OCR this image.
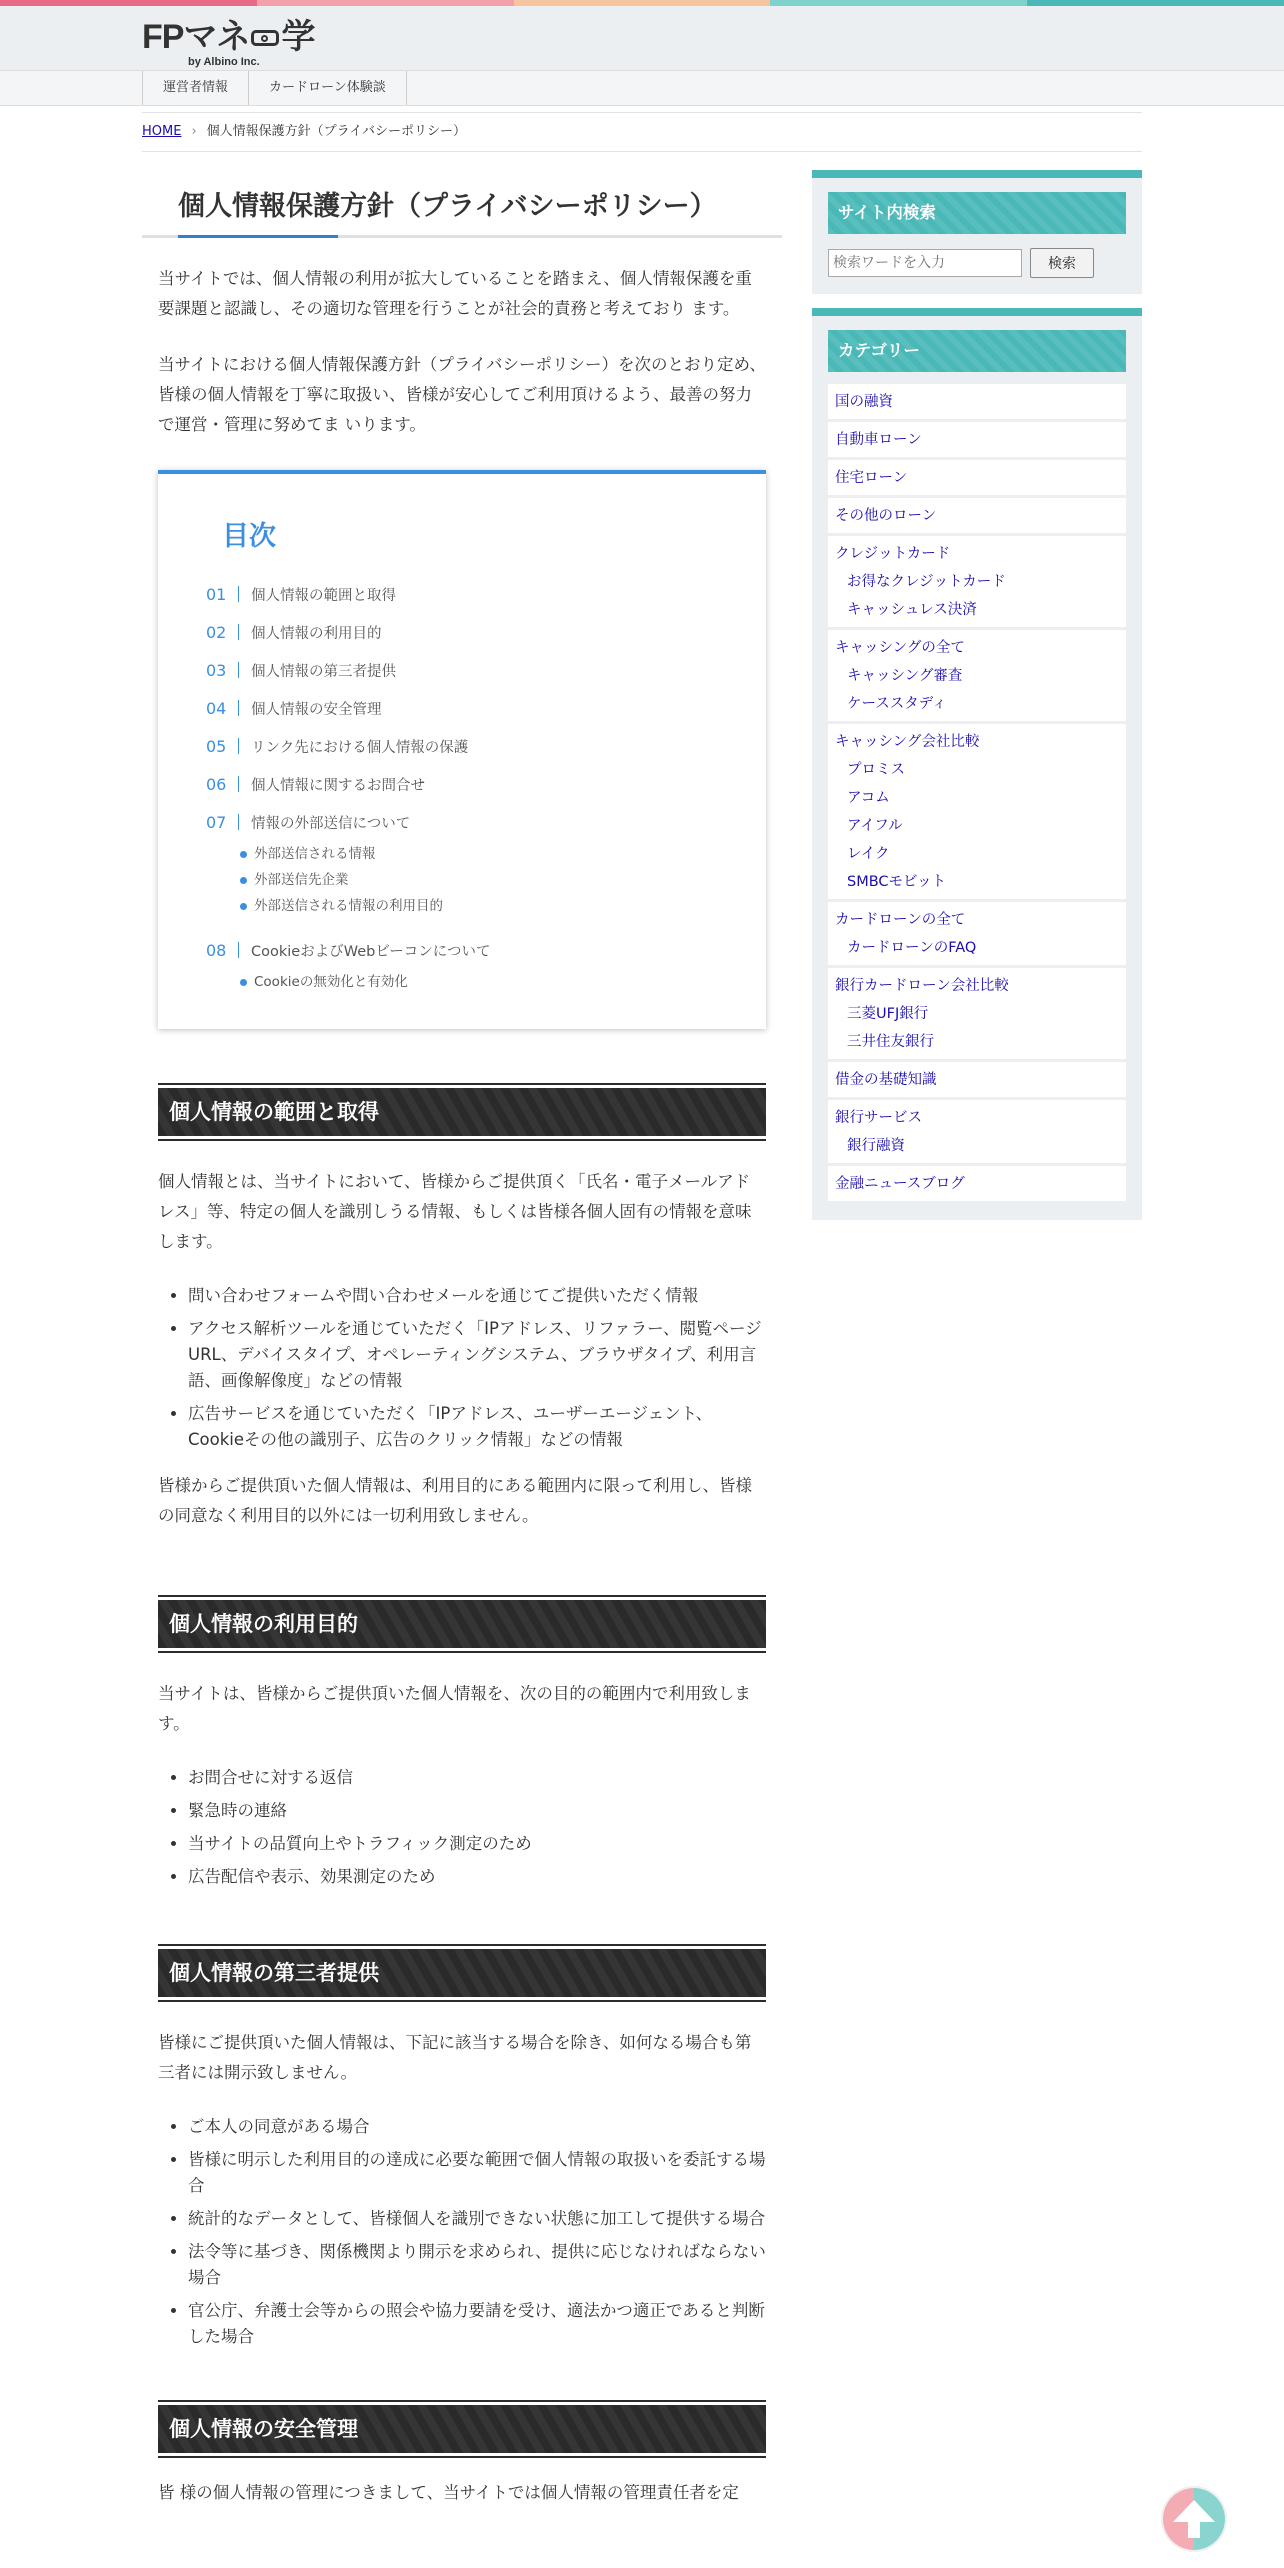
FPマネ 学
by Albino Inc.
運営者情報	カードローン体験談
HOME › 個人情報保護方針（プライバシーポリシー）
個人情報保護方針（プライバシーポリシー）

当サイトでは、個人情報の利用が拡大していることを踏まえ、個人情報保護を重要課題と認識し、その適切な管理を行うことが社会的責務と考えており ます。

当サイトにおける個人情報保護方針（プライバシーポリシー）を次のとおり定め、皆様の個人情報を丁寧に取扱い、皆様が安心してご利用頂けるよう、最善の努力で運営・管理に努めてま いります。

目次
01	個人情報の範囲と取得
02	個人情報の利用目的
03	個人情報の第三者提供
04	個人情報の安全管理
05	リンク先における個人情報の保護
06	個人情報に関するお問合せ
07	情報の外部送信について
外部送信される情報
外部送信先企業
外部送信される情報の利用目的
08	CookieおよびWebビーコンについて
Cookieの無効化と有効化
個人情報の範囲と取得

個人情報とは、当サイトにおいて、皆様からご提供頂く「氏名・電子メールアドレス」等、特定の個人を識別しうる情報、もしくは皆様各個人固有の情報を意味します。

• 問い合わせフォームや問い合わせメールを通じてご提供いただく情報
• アクセス解析ツールを通じていただく「IPアドレス、リファラー、閲覧ページURL、デバイスタイプ、オペレーティングシステム、ブラウザタイプ、利用言語、画像解像度」などの情報
• 広告サービスを通じていただく「IPアドレス、ユーザーエージェント、Cookieその他の識別子、広告のクリック情報」などの情報

皆様からご提供頂いた個人情報は、利用目的にある範囲内に限って利用し、皆様の同意なく利用目的以外には一切利用致しません。

個人情報の利用目的

当サイトは、皆様からご提供頂いた個人情報を、次の目的の範囲内で利用致します。

• お問合せに対する返信
• 緊急時の連絡
• 当サイトの品質向上やトラフィック測定のため
• 広告配信や表示、効果測定のため
個人情報の第三者提供

皆様にご提供頂いた個人情報は、下記に該当する場合を除き、如何なる場合も第三者には開示致しません。

• ご本人の同意がある場合
• 皆様に明示した利用目的の達成に必要な範囲で個人情報の取扱いを委託する場合
• 統計的なデータとして、皆様個人を識別できない状態に加工して提供する場合
• 法令等に基づき、関係機関より開示を求められ、提供に応じなければならない場合
• 官公庁、弁護士会等からの照会や協力要請を受け、適法かつ適正であると判断した場合
個人情報の安全管理

皆 様の個人情報の管理につきまして、当サイトでは個人情報の管理責任者を定

サイト内検索
検索ワードを入力
検索
カテゴリー
国の融資
自動車ローン
住宅ローン
その他のローン
クレジットカード
お得なクレジットカード
キャッシュレス決済
キャッシングの全て
キャッシング審査
ケーススタディ
キャッシング会社比較
プロミス
アコム
アイフル
レイク
SMBCモビット
カードローンの全て
カードローンのFAQ
銀行カードローン会社比較
三菱UFJ銀行
三井住友銀行
借金の基礎知識
銀行サービス
銀行融資
金融ニュースブログ
